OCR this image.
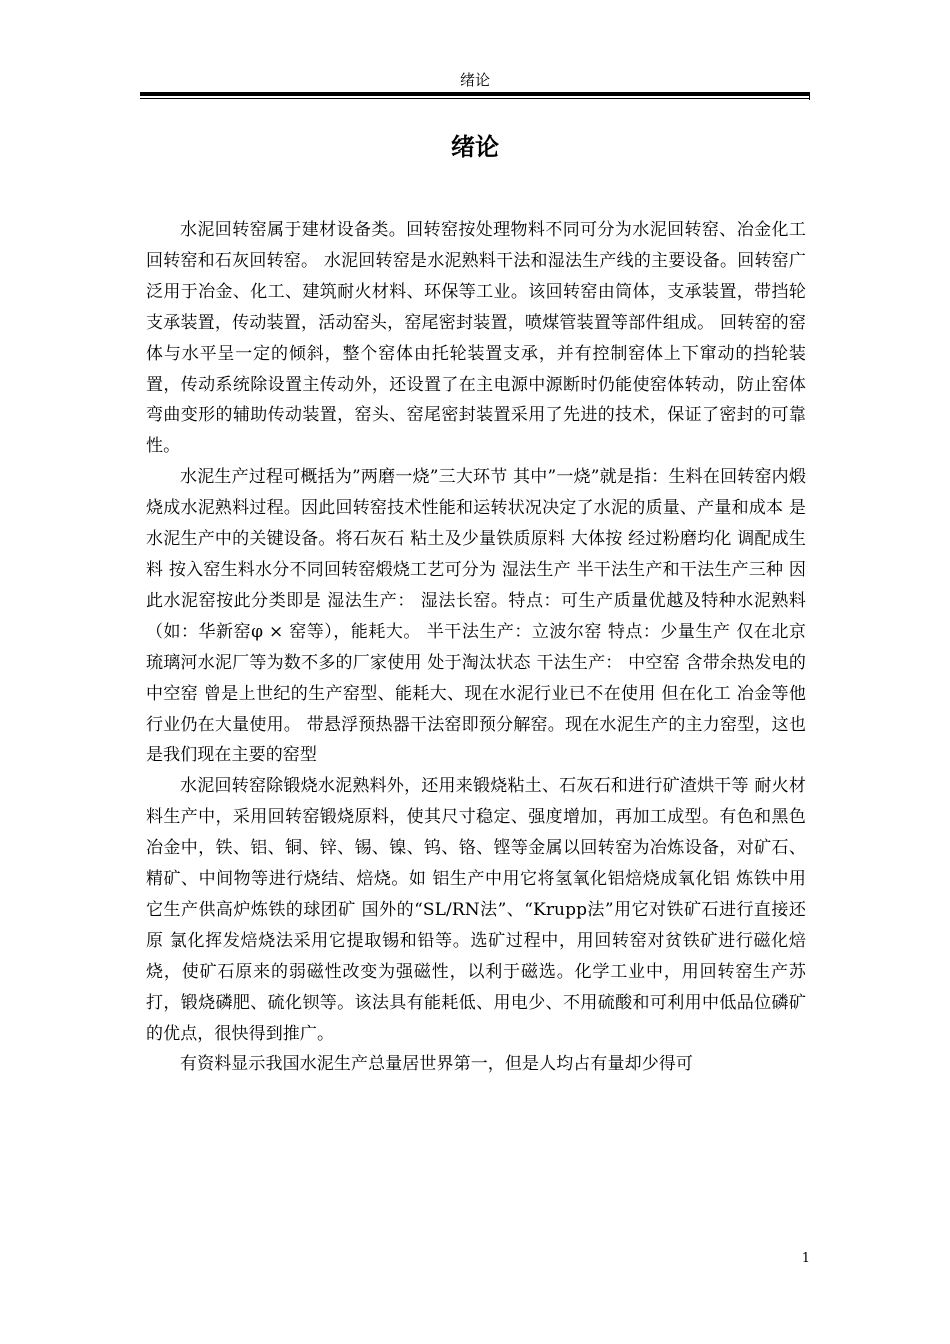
绪论
绪论

水泥回转窑属于建材设备类。回转窑按处理物料不同可分为水泥回转窑、冶金化工回转窑和石灰回转窑。 水泥回转窑是水泥熟料干法和湿法生产线的主要设备。回转窑广泛用于冶金、化工、建筑耐火材料、环保等工业。该回转窑由筒体，支承装置，带挡轮支承装置，传动装置，活动窑头，窑尾密封装置，喷煤管装置等部件组成。 回转窑的窑体与水平呈一定的倾斜，整个窑体由托轮装置支承，并有控制窑体上下窜动的挡轮装置，传动系统除设置主传动外，还设置了在主电源中源断时仍能使窑体转动，防止窑体弯曲变形的辅助传动装置，窑头、窑尾密封装置采用了先进的技术，保证了密封的可靠性。

水泥生产过程可概括为”两磨一烧”三大环节 其中”一烧”就是指：生料在回转窑内煅烧成水泥熟料过程。因此回转窑技术性能和运转状况决定了水泥的质量、产量和成本 是水泥生产中的关键设备。将石灰石 粘土及少量铁质原料 大体按 经过粉磨均化 调配成生料 按入窑生料水分不同回转窑煅烧工艺可分为 湿法生产 半干法生产和干法生产三种 因此水泥窑按此分类即是 湿法生产： 湿法长窑。特点：可生产质量优越及特种水泥熟料（如：华新窑φ × 窑等），能耗大。 半干法生产：立波尔窑 特点：少量生产 仅在北京琉璃河水泥厂等为数不多的厂家使用 处于淘汰状态 干法生产： 中空窑 含带余热发电的中空窑 曾是上世纪的生产窑型、能耗大、现在水泥行业已不在使用 但在化工 冶金等他行业仍在大量使用。 带悬浮预热器干法窑即预分解窑。现在水泥生产的主力窑型，这也是我们现在主要的窑型

水泥回转窑除锻烧水泥熟料外，还用来锻烧粘土、石灰石和进行矿渣烘干等 耐火材料生产中，采用回转窑锻烧原料，使其尺寸稳定、强度增加，再加工成型。有色和黑色冶金中，铁、铝、铜、锌、锡、镍、钨、铬、铿等金属以回转窑为冶炼设备，对矿石、精矿、中间物等进行烧结、焙烧。如 铝生产中用它将氢氧化铝焙烧成氧化铝 炼铁中用它生产供高炉炼铁的球团矿 国外的“SL/RN法”、“Krupp法”用它对铁矿石进行直接还原 氯化挥发焙烧法采用它提取锡和铅等。选矿过程中，用回转窑对贫铁矿进行磁化焙烧，使矿石原来的弱磁性改变为强磁性，以利于磁选。化学工业中，用回转窑生产苏打，锻烧磷肥、硫化钡等。该法具有能耗低、用电少、不用硫酸和可利用中低品位磷矿的优点，很快得到推广。

有资料显示我国水泥生产总量居世界第一，但是人均占有量却少得可

1
